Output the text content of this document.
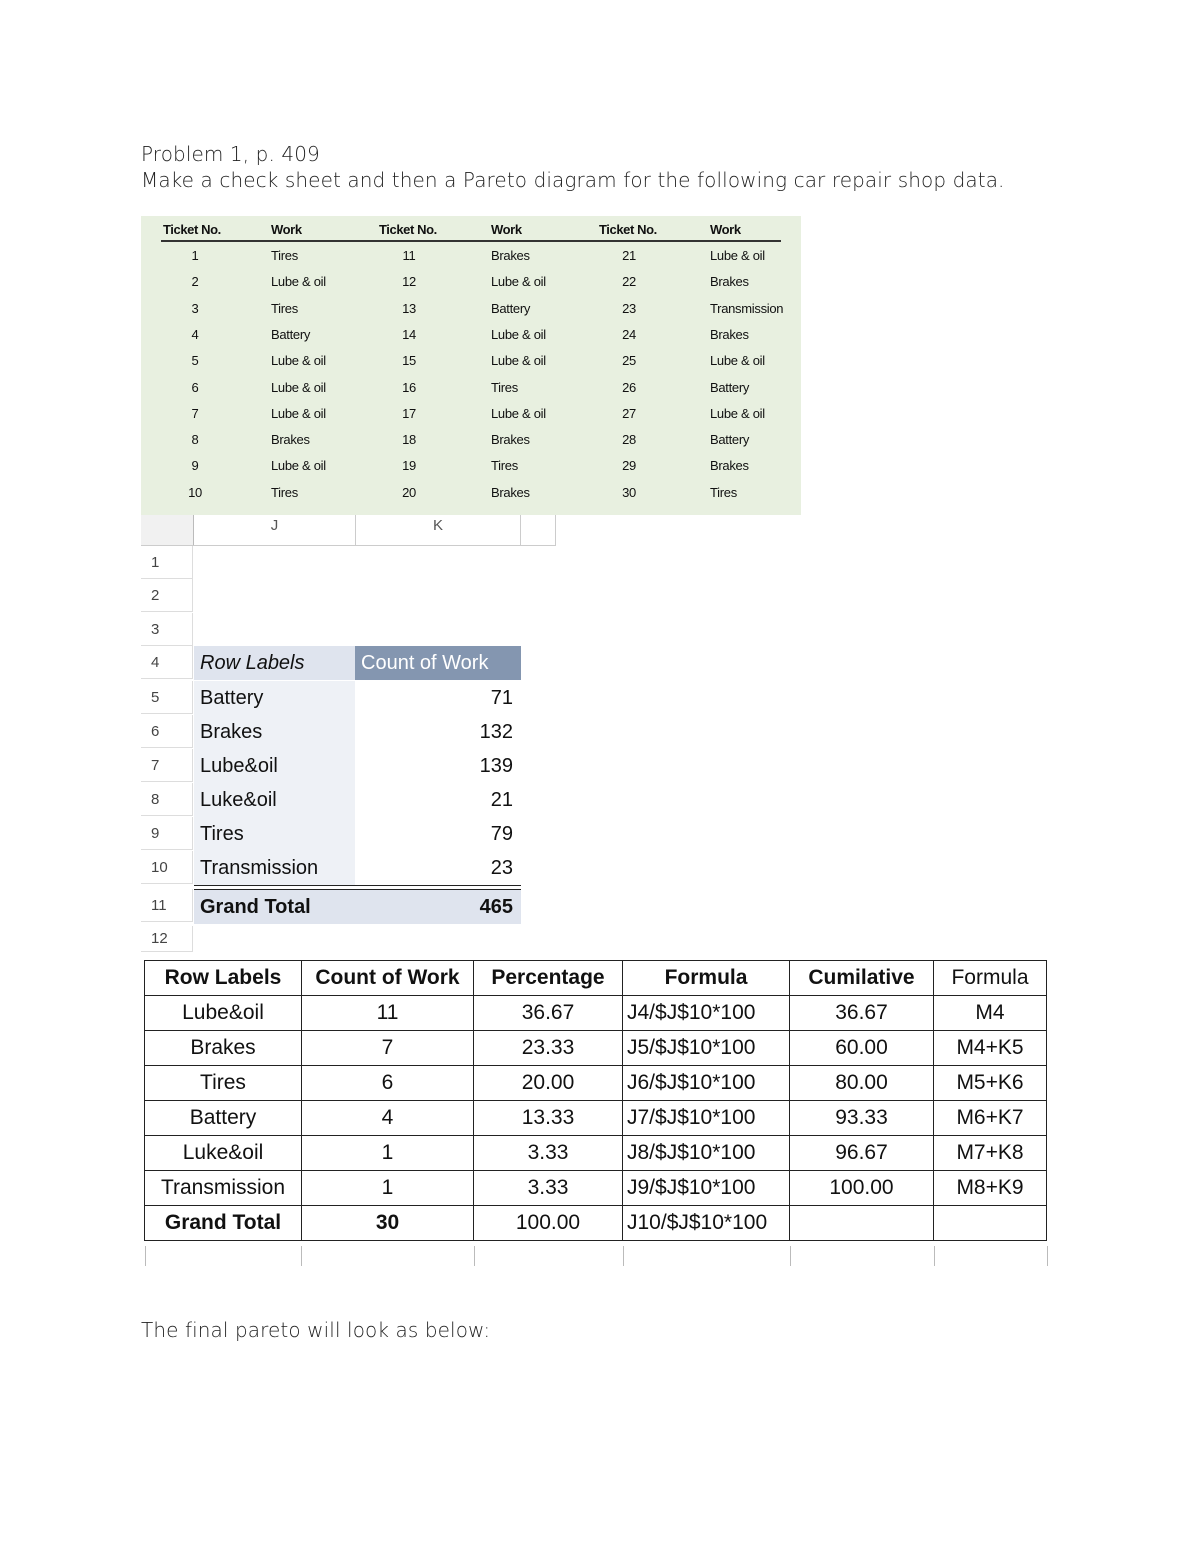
Problem 1, p. 409
Make a check sheet and then a Pareto diagram for the following car repair shop data.
Ticket No.	Work	Ticket No.	Work	Ticket No.	Work
1	Tires	11	Brakes	21	Lube & oil
2	Lube & oil	12	Lube & oil	22	Brakes
3	Tires	13	Battery	23	Transmission
4	Battery	14	Lube & oil	24	Brakes
5	Lube & oil	15	Lube & oil	25	Lube & oil
6	Lube & oil	16	Tires	26	Battery
7	Lube & oil	17	Lube & oil	27	Lube & oil
8	Brakes	18	Brakes	28	Battery
9	Lube & oil	19	Tires	29	Brakes
10	Tires	20	Brakes	30	Tires
J	K
1
2
3
4
5
6
7
8
9
10
11
12
Row Labels	Count of Work
Battery	71
Brakes	132
Lube&oil	139
Luke&oil	21
Tires	79
Transmission	23
Grand Total	465
Row Labels	Count of Work	Percentage	Formula	Cumilative	Formula
Lube&oil	11	36.67	J4/$J$10*100	36.67	M4
Brakes	7	23.33	J5/$J$10*100	60.00	M4+K5
Tires	6	20.00	J6/$J$10*100	80.00	M5+K6
Battery	4	13.33	J7/$J$10*100	93.33	M6+K7
Luke&oil	1	3.33	J8/$J$10*100	96.67	M7+K8
Transmission	1	3.33	J9/$J$10*100	100.00	M8+K9
Grand Total	30	100.00	J10/$J$10*100		
The final pareto will look as below:
